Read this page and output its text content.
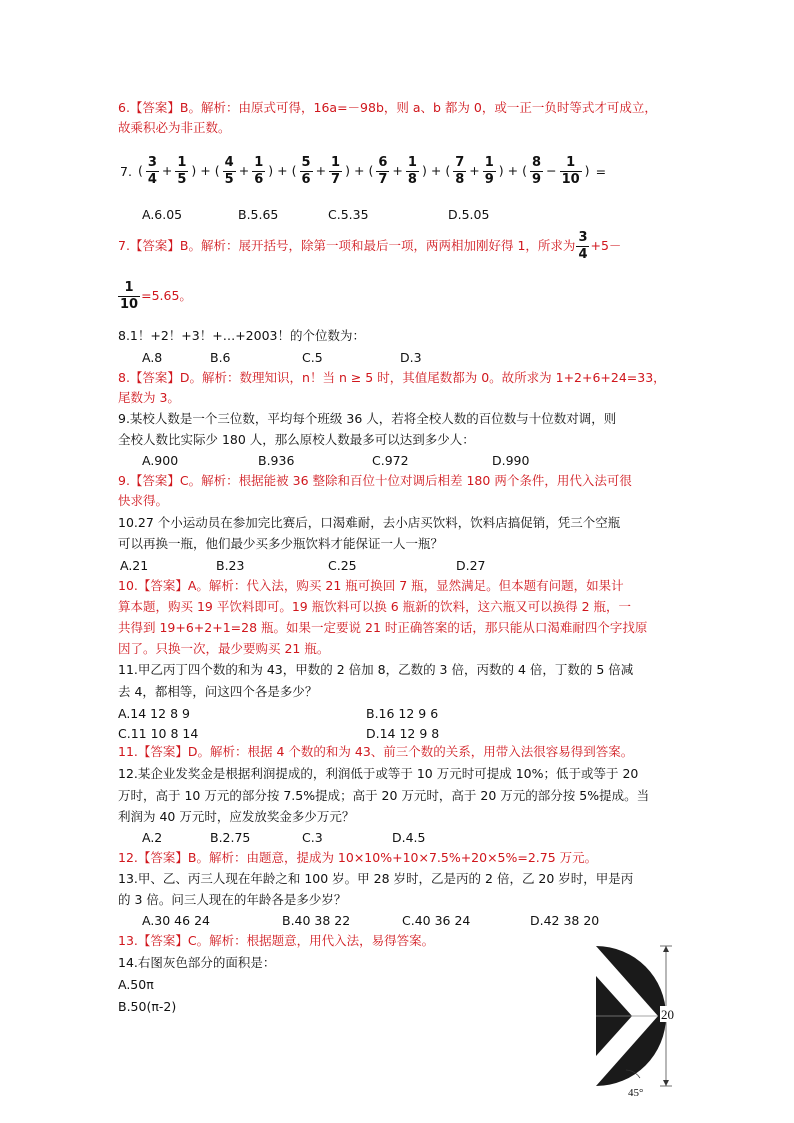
6.【答案】B。解析：由原式可得，16a=－98b，则 a、b 都为 0，或一正一负时等式才可成立，
故乘积必为非正数。
7. ( $\frac{3}{4} + \frac{1}{5}$ ) + ( $\frac{4}{5} + \frac{1}{6}$ ) + ( $\frac{5}{6} + \frac{1}{7}$ ) + ( $\frac{6}{7} + \frac{1}{8}$ ) + ( $\frac{7}{8} + \frac{1}{9}$ ) + ( $\frac{8}{9} - \frac{1}{10}$ ) =
A.6.05	B.5.65	C.5.35	D.5.05
7.【答案】B。解析：展开括号，除第一项和最后一项，两两相加刚好得 1，所求为 $\frac{3}{4} +5-$
$\frac{1}{10} =5.65$。
8.1！+2！+3！+…+2003！的个位数为：
A.8	B.6	C.5	D.3
8.【答案】D。解析：数理知识，n！当 n ≥ 5 时，其值尾数都为 0。故所求为 1+2+6+24=33，
尾数为 3。
9.某校人数是一个三位数，平均每个班级 36 人，若将全校人数的百位数与十位数对调，则
全校人数比实际少 180 人，那么原校人数最多可以达到多少人：
A.900	B.936	C.972	D.990
9.【答案】C。解析：根据能被 36 整除和百位十位对调后相差 180 两个条件，用代入法可很
快求得。
10.27 个小运动员在参加完比赛后，口渴难耐，去小店买饮料，饮料店搞促销，凭三个空瓶
可以再换一瓶，他们最少买多少瓶饮料才能保证一人一瓶？
A.21	B.23	C.25	D.27
10.【答案】A。解析：代入法，购买 21 瓶可换回 7 瓶，显然满足。但本题有问题，如果计
算本题，购买 19 平饮料即可。19 瓶饮料可以换 6 瓶新的饮料，这六瓶又可以换得 2 瓶，一
共得到 19+6+2+1=28 瓶。如果一定要说 21 时正确答案的话，那只能从口渴难耐四个字找原
因了。只换一次，最少要购买 21 瓶。
11.甲乙丙丁四个数的和为 43，甲数的 2 倍加 8，乙数的 3 倍，丙数的 4 倍，丁数的 5 倍减
去 4，都相等，问这四个各是多少？
A.14 12 8 9	B.16 12 9 6
C.11 10 8 14	D.14 12 9 8
11.【答案】D。解析：根据 4 个数的和为 43、前三个数的关系，用带入法很容易得到答案。
12.某企业发奖金是根据利润提成的，利润低于或等于 10 万元时可提成 10%；低于或等于 20
万时，高于 10 万元的部分按 7.5%提成；高于 20 万元时，高于 20 万元的部分按 5%提成。当
利润为 40 万元时，应发放奖金多少万元？
A.2	B.2.75	C.3	D.4.5
12.【答案】B。解析：由题意，提成为 10×10%+10×7.5%+20×5%=2.75 万元。
13.甲、乙、丙三人现在年龄之和 100 岁。甲 28 岁时，乙是丙的 2 倍，乙 20 岁时，甲是丙
的 3 倍。问三人现在的年龄各是多少岁？
A.30 46 24	B.40 38 22	C.40 36 24	D.42 38 20
13.【答案】C。解析：根据题意，用代入法，易得答案。
14.右图灰色部分的面积是：
A.50π
B.50(π-2)
20
45°
